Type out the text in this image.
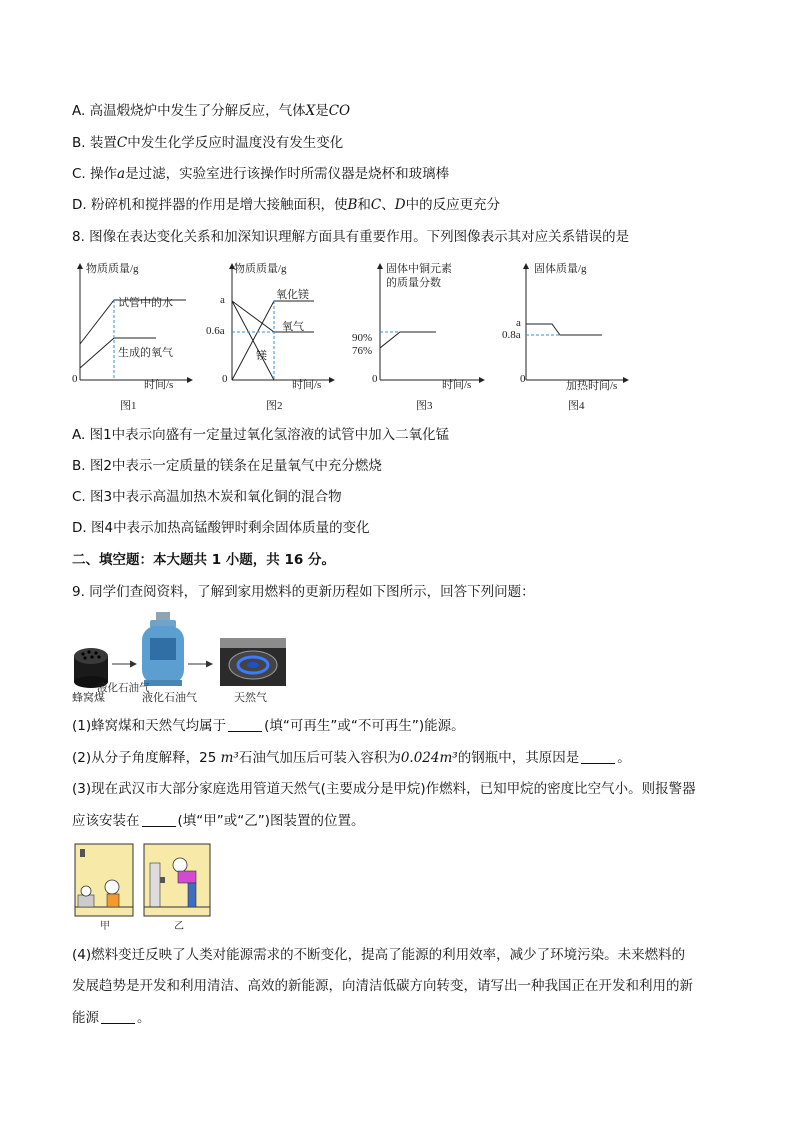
A. 高温煅烧炉中发生了分解反应，气体X是CO
B. 装置C中发生化学反应时温度没有发生变化
C. 操作a是过滤，实验室进行该操作时所需仪器是烧杯和玻璃棒
D. 粉碎机和搅拌器的作用是增大接触面积，使B和C、D中的反应更充分
8. 图像在表达变化关系和加深知识理解方面具有重要作用。下列图像表示其对应关系错误的是
物质质量/g
试管中的水
生成的氧气
0	时间/s
图1
物质质量/g
a
0.6a
氧化镁
氧气
镁
0	时间/s
图2
固体中铜元素
的质量分数
90%
76%
0	时间/s
图3
固体质量/g
a
0.8a
0
加热时间/s
图4
A. 图1中表示向盛有一定量过氧化氢溶液的试管中加入二氧化锰
B. 图2中表示一定质量的镁条在足量氧气中充分燃烧
C. 图3中表示高温加热木炭和氧化铜的混合物
D. 图4中表示加热高锰酸钾时剩余固体质量的变化
二、填空题：本大题共 1 小题，共 16 分。
9. 同学们查阅资料，了解到家用燃料的更新历程如下图所示，回答下列问题：
液化石油气
蜂窝煤	液化石油气	天然气
(1)蜂窝煤和天然气均属于	(填“可再生”或“不可再生”)能源。
(2)从分子角度解释，25 m³石油气加压后可装入容积为0.024m³的钢瓶中，其原因是	。
(3)现在武汉市大部分家庭选用管道天然气(主要成分是甲烷)作燃料，已知甲烷的密度比空气小。则报警器
应该安装在	(填“甲”或“乙”)图装置的位置。
甲	乙
(4)燃料变迁反映了人类对能源需求的不断变化，提高了能源的利用效率，减少了环境污染。未来燃料的
发展趋势是开发和利用清洁、高效的新能源，向清洁低碳方向转变，请写出一种我国正在开发和利用的新
能源	。
